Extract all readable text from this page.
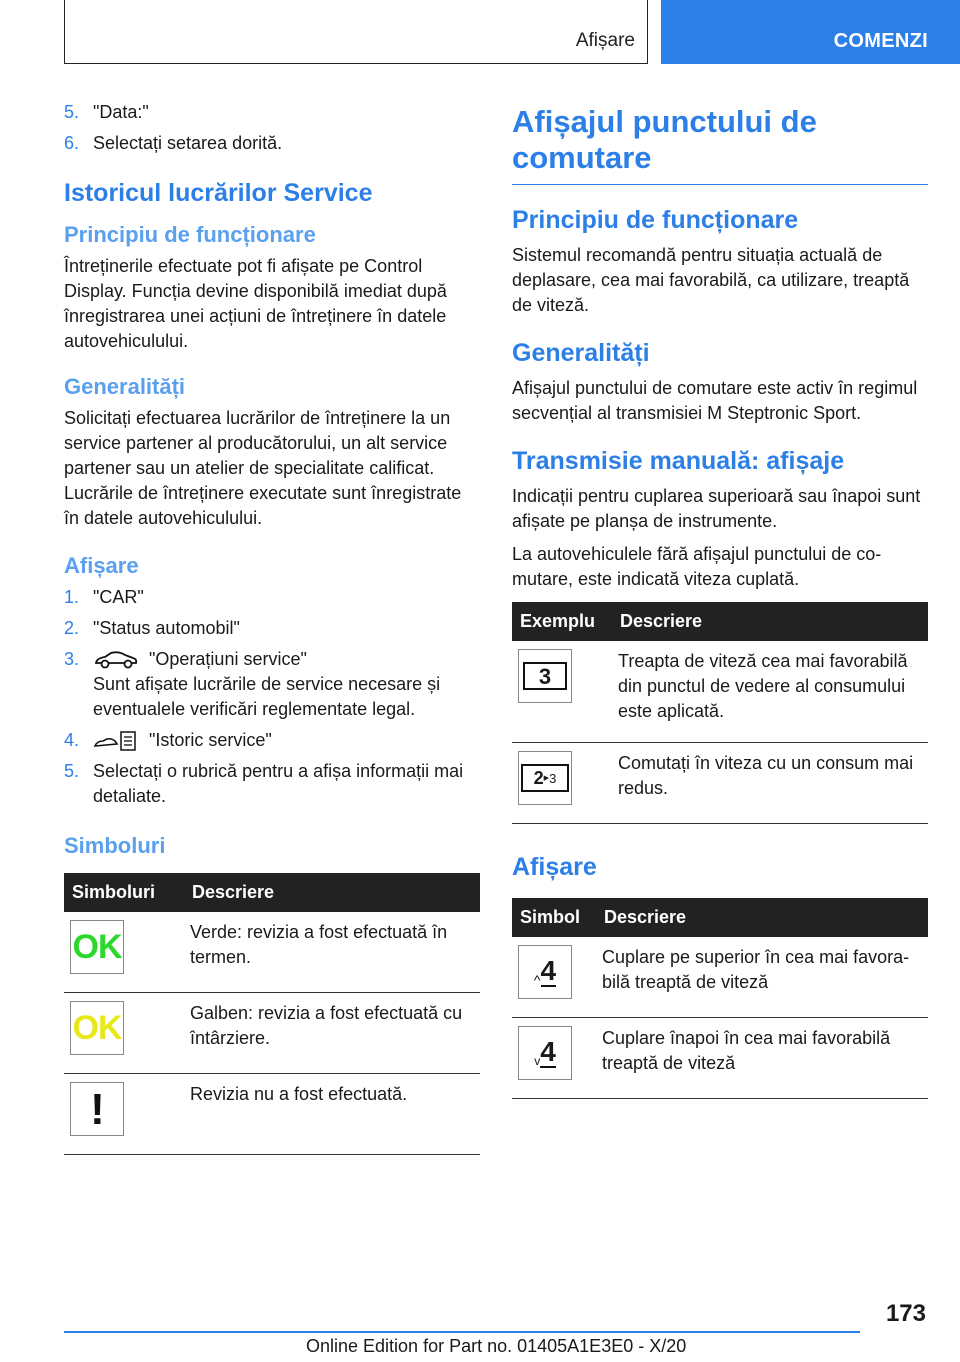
Afișare	COMENZI
5. "Data:"
6. Selectați setarea dorită.
Istoricul lucrărilor Service
Principiu de funcționare

Întreținerile efectuate pot fi afișate pe Control Display. Funcția devine disponibilă imediat după înregistrarea unei acțiuni de întreținere în datele autovehiculului.

Generalități

Solicitați efectuarea lucrărilor de întreținere la un service partener al producătorului, un alt service partener sau un atelier de specialitate calificat. Lucrările de întreținere executate sunt înregistrate în datele autovehiculului.

Afișare
1. "CAR"
2. "Status automobil"
3.	"Operațiuni service"
Sunt afișate lucrările de service necesare și eventualele verificări reglementate legal.
4.	"Istoric service"
5. Selectați o rubrică pentru a afișa informații mai detaliate.
Simboluri
Simboluri	Descriere

OK	Verde: revizia a fost efectuată în termen.

OK	Galben: revizia a fost efectuată cu întârziere.

!	Revizia nu a fost efectuată.
Afișajul punctului de comutare
Principiu de funcționare

Sistemul recomandă pentru situația actuală de deplasare, cea mai favorabilă, ca utilizare, treaptă de viteză.

Generalități

Afișajul punctului de comutare este activ în regimul secvențial al transmisiei M Steptronic Sport.

Transmisie manuală: afișaje

Indicații pentru cuplarea superioară sau înapoi sunt afișate pe planșa de instrumente.

La autovehiculele fără afișajul punctului de comutare, este indicată viteza cuplată.

Exemplu	Descriere

3	Treapta de viteză cea mai favorabilă din punctul de vedere al consumului este aplicată.

2 ▸ 3	Comutați în viteza cu un consum mai redus.
Afișare
Simbol	Descriere

^ 4	Cuplare pe superior în cea mai favorabilă treaptă de viteză

v 4	Cuplare înapoi în cea mai favorabilă treaptă de viteză
173
Online Edition for Part no. 01405A1E3E0 - X/20
